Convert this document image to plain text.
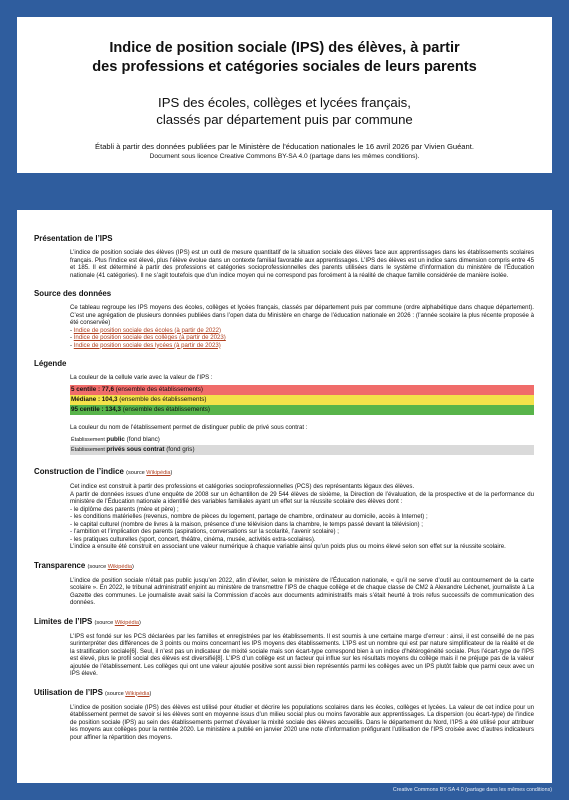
Indice de position sociale (IPS) des élèves, à partir
des professions et catégories sociales de leurs parents
IPS des écoles, collèges et lycées français,
classés par département puis par commune
Établi à partir des données publiées par le Ministère de l’éducation nationales le 16 avril 2026 par Vivien Guéant.
Document sous licence Creative Commons BY-SA 4.0 (partage dans les mêmes conditions).
Présentation de l’IPS
L’indice de position sociale des élèves (IPS) est un outil de mesure quantitatif de la situation sociale des élèves face aux apprentissages dans les établissements scolaires français. Plus l’indice est élevé, plus l’élève évolue dans un contexte familial favorable aux apprentissages. L’IPS des élèves est un indice sans dimension compris entre 45 et 185. Il est déterminé à partir des professions et catégories socioprofessionnelles des parents utilisées dans le système d’information du ministère de l’Éducation nationale (41 catégories). Il ne s’agit toutefois que d’un indice moyen qui ne correspond pas forcément à la réalité de chaque famille considérée de manière isolée.
Source des données
Ce tableau regroupe les IPS moyens des écoles, collèges et lycées français, classés par département puis par commune (ordre alphabétique dans chaque département). C’est une agrégation de plusieurs données publiées dans l’open data du Ministère en charge de l’éducation nationale en 2026 : (l’année scolaire la plus récente proposée à été conservée)
- Indice de position sociale des écoles (à partir de 2022)
- Indice de position sociale des collèges (à partir de 2023)
- Indice de position sociale des lycées (à partir de 2023)
Légende
La couleur de la cellule varie avec la valeur de l’IPS :
5 centile : 77,6 (ensemble des établissements)
Médiane : 104,3 (ensemble des établissements)
95 centile : 134,3 (ensemble des établissements)
La couleur du nom de l’établissement permet de distinguer public de privé sous contrat :
Établissement public (fond blanc)
Établissement privés sous contrat (fond gris)
Construction de l’indice (source Wikipédia)
Cet indice est construit à partir des professions et catégories socioprofessionnelles (PCS) des représentants légaux des élèves.
A partir de données issues d’une enquête de 2008 sur un échantillon de 29 544 élèves de sixième, la Direction de l’évaluation, de la prospective et de la performance du ministère de l’Éducation nationale a identifié des variables familiales ayant un effet sur la réussite scolaire des élèves dont :
- le diplôme des parents (mère et père) ;
- les conditions matérielles (revenus, nombre de pièces du logement, partage de chambre, ordinateur au domicile, accès à Internet) ;
- le capital culturel (nombre de livres à la maison, présence d’une télévision dans la chambre, le temps passé devant la télévision) ;
- l’ambition et l’implication des parents (aspirations, conversations sur la scolarité, l’avenir scolaire) ;
- les pratiques culturelles (sport, concert, théâtre, cinéma, musée, activités extra-scolaires).
L’indice a ensuite été construit en associant une valeur numérique à chaque variable ainsi qu’un poids plus ou moins élevé selon son effet sur la réussite scolaire.
Transparence (source Wikipédia)
L’indice de position sociale n’était pas public jusqu’en 2022, afin d’éviter, selon le ministère de l’Éducation nationale, « qu’il ne serve d’outil au contournement de la carte scolaire ». En 2022, le tribunal administratif enjoint au ministère de transmettre l’IPS de chaque collège et de chaque classe de CM2 à Alexandre Léchenet, journaliste à La Gazette des communes. Le journaliste avait saisi la Commission d’accès aux documents administratifs mais s’était heurté à trois refus successifs de communication des données.
Limites de l’IPS (source Wikipédia)
L’IPS est fondé sur les PCS déclarées par les familles et enregistrées par les établissements. Il est soumis à une certaine marge d’erreur : ainsi, il est conseillé de ne pas surinterpréter des différences de 3 points ou moins concernant les IPS moyens des établissements. L’IPS est un nombre qui est par nature simplificateur de la réalité et de la stratification sociale[6]. Seul, il n’est pas un indicateur de mixité sociale mais son écart-type correspond bien à un indice d’hétérogénéité sociale. Plus l’écart-type de l’IPS est élevé, plus le profil social des élèves est diversifié[8]. L’IPS d’un collège est un facteur qui influe sur les résultats moyens du collège mais il ne préjuge pas de la valeur ajoutée de l’établissement. Les collèges qui ont une valeur ajoutée positive sont aussi bien représentés parmi les collèges avec un IPS plutôt faible que parmi ceux avec un IPS élevé.
Utilisation de l’IPS (source Wikipédia)
L’indice de position sociale (IPS) des élèves est utilisé pour étudier et décrire les populations scolaires dans les écoles, collèges et lycées. La valeur de cet indice pour un établissement permet de savoir si les élèves sont en moyenne issus d’un milieu social plus ou moins favorable aux apprentissages. La dispersion (ou écart-type) de l’indice de position sociale (IPS) au sein des établissements permet d’évaluer la mixité sociale des élèves accueillis. Dans le département du Nord, l’IPS a été utilisé pour attribuer les moyens aux collèges pour la rentrée 2020. Le ministère a publié en janvier 2020 une note d’information préfigurant l’utilisation de l’IPS croisée avec d’autres indicateurs pour affiner la répartition des moyens.
Creative Commons BY-SA 4.0 (partage dans les mêmes conditions)
